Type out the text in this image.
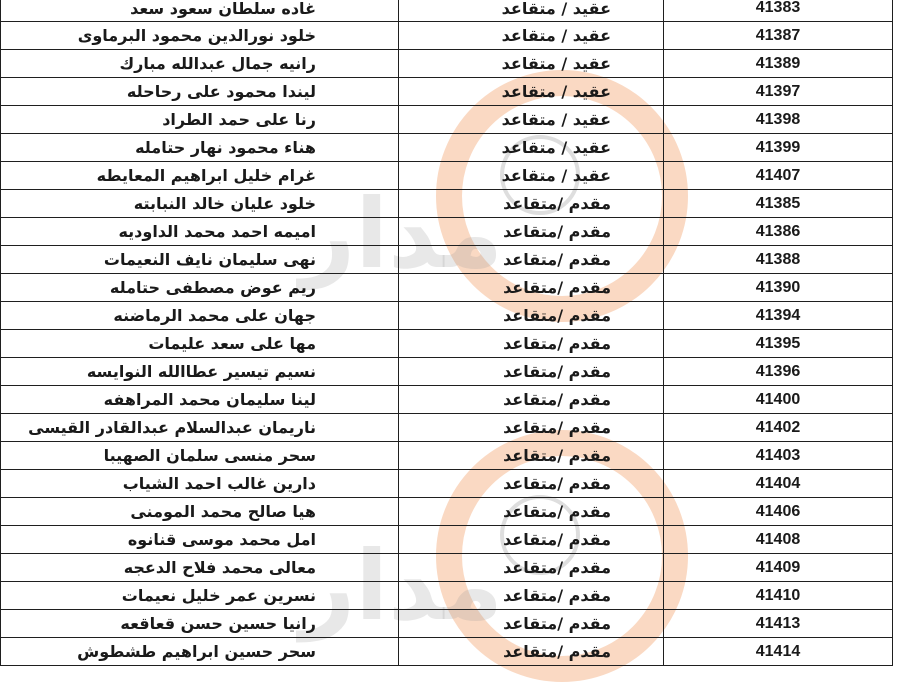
مدار
مدار
غاده سلطان سعود سعد	عقيد / متقاعد	41383
خلود نورالدين محمود البرماوى	عقيد / متقاعد	41387
رانيه جمال عبدالله مبارك	عقيد / متقاعد	41389
ليندا محمود على رحاحله	عقيد / متقاعد	41397
رنا على حمد الطراد	عقيد / متقاعد	41398
هناء محمود نهار حتامله	عقيد / متقاعد	41399
غرام خليل ابراهيم المعايطه	عقيد / متقاعد	41407
خلود عليان خالد النبابته	مقدم /متقاعد	41385
اميمه احمد محمد الداوديه	مقدم /متقاعد	41386
نهى سليمان نايف النعيمات	مقدم /متقاعد	41388
ريم عوض مصطفى حتامله	مقدم /متقاعد	41390
جهان على محمد الرماضنه	مقدم /متقاعد	41394
مها على سعد عليمات	مقدم /متقاعد	41395
نسيم تيسير عطاالله النوايسه	مقدم /متقاعد	41396
لينا سليمان محمد المراهفه	مقدم /متقاعد	41400
ناريمان عبدالسلام عبدالقادر القيسى	مقدم /متقاعد	41402
سحر منسى سلمان الصهيبا	مقدم /متقاعد	41403
دارين غالب احمد الشياب	مقدم /متقاعد	41404
هيا صالح محمد المومنى	مقدم /متقاعد	41406
امل محمد موسى قنانوه	مقدم /متقاعد	41408
معالى محمد فلاح الدعجه	مقدم /متقاعد	41409
نسرين عمر خليل نعيمات	مقدم /متقاعد	41410
رانيا حسين حسن قعاقعه	مقدم /متقاعد	41413
سحر حسين ابراهيم طشطوش	مقدم /متقاعد	41414
